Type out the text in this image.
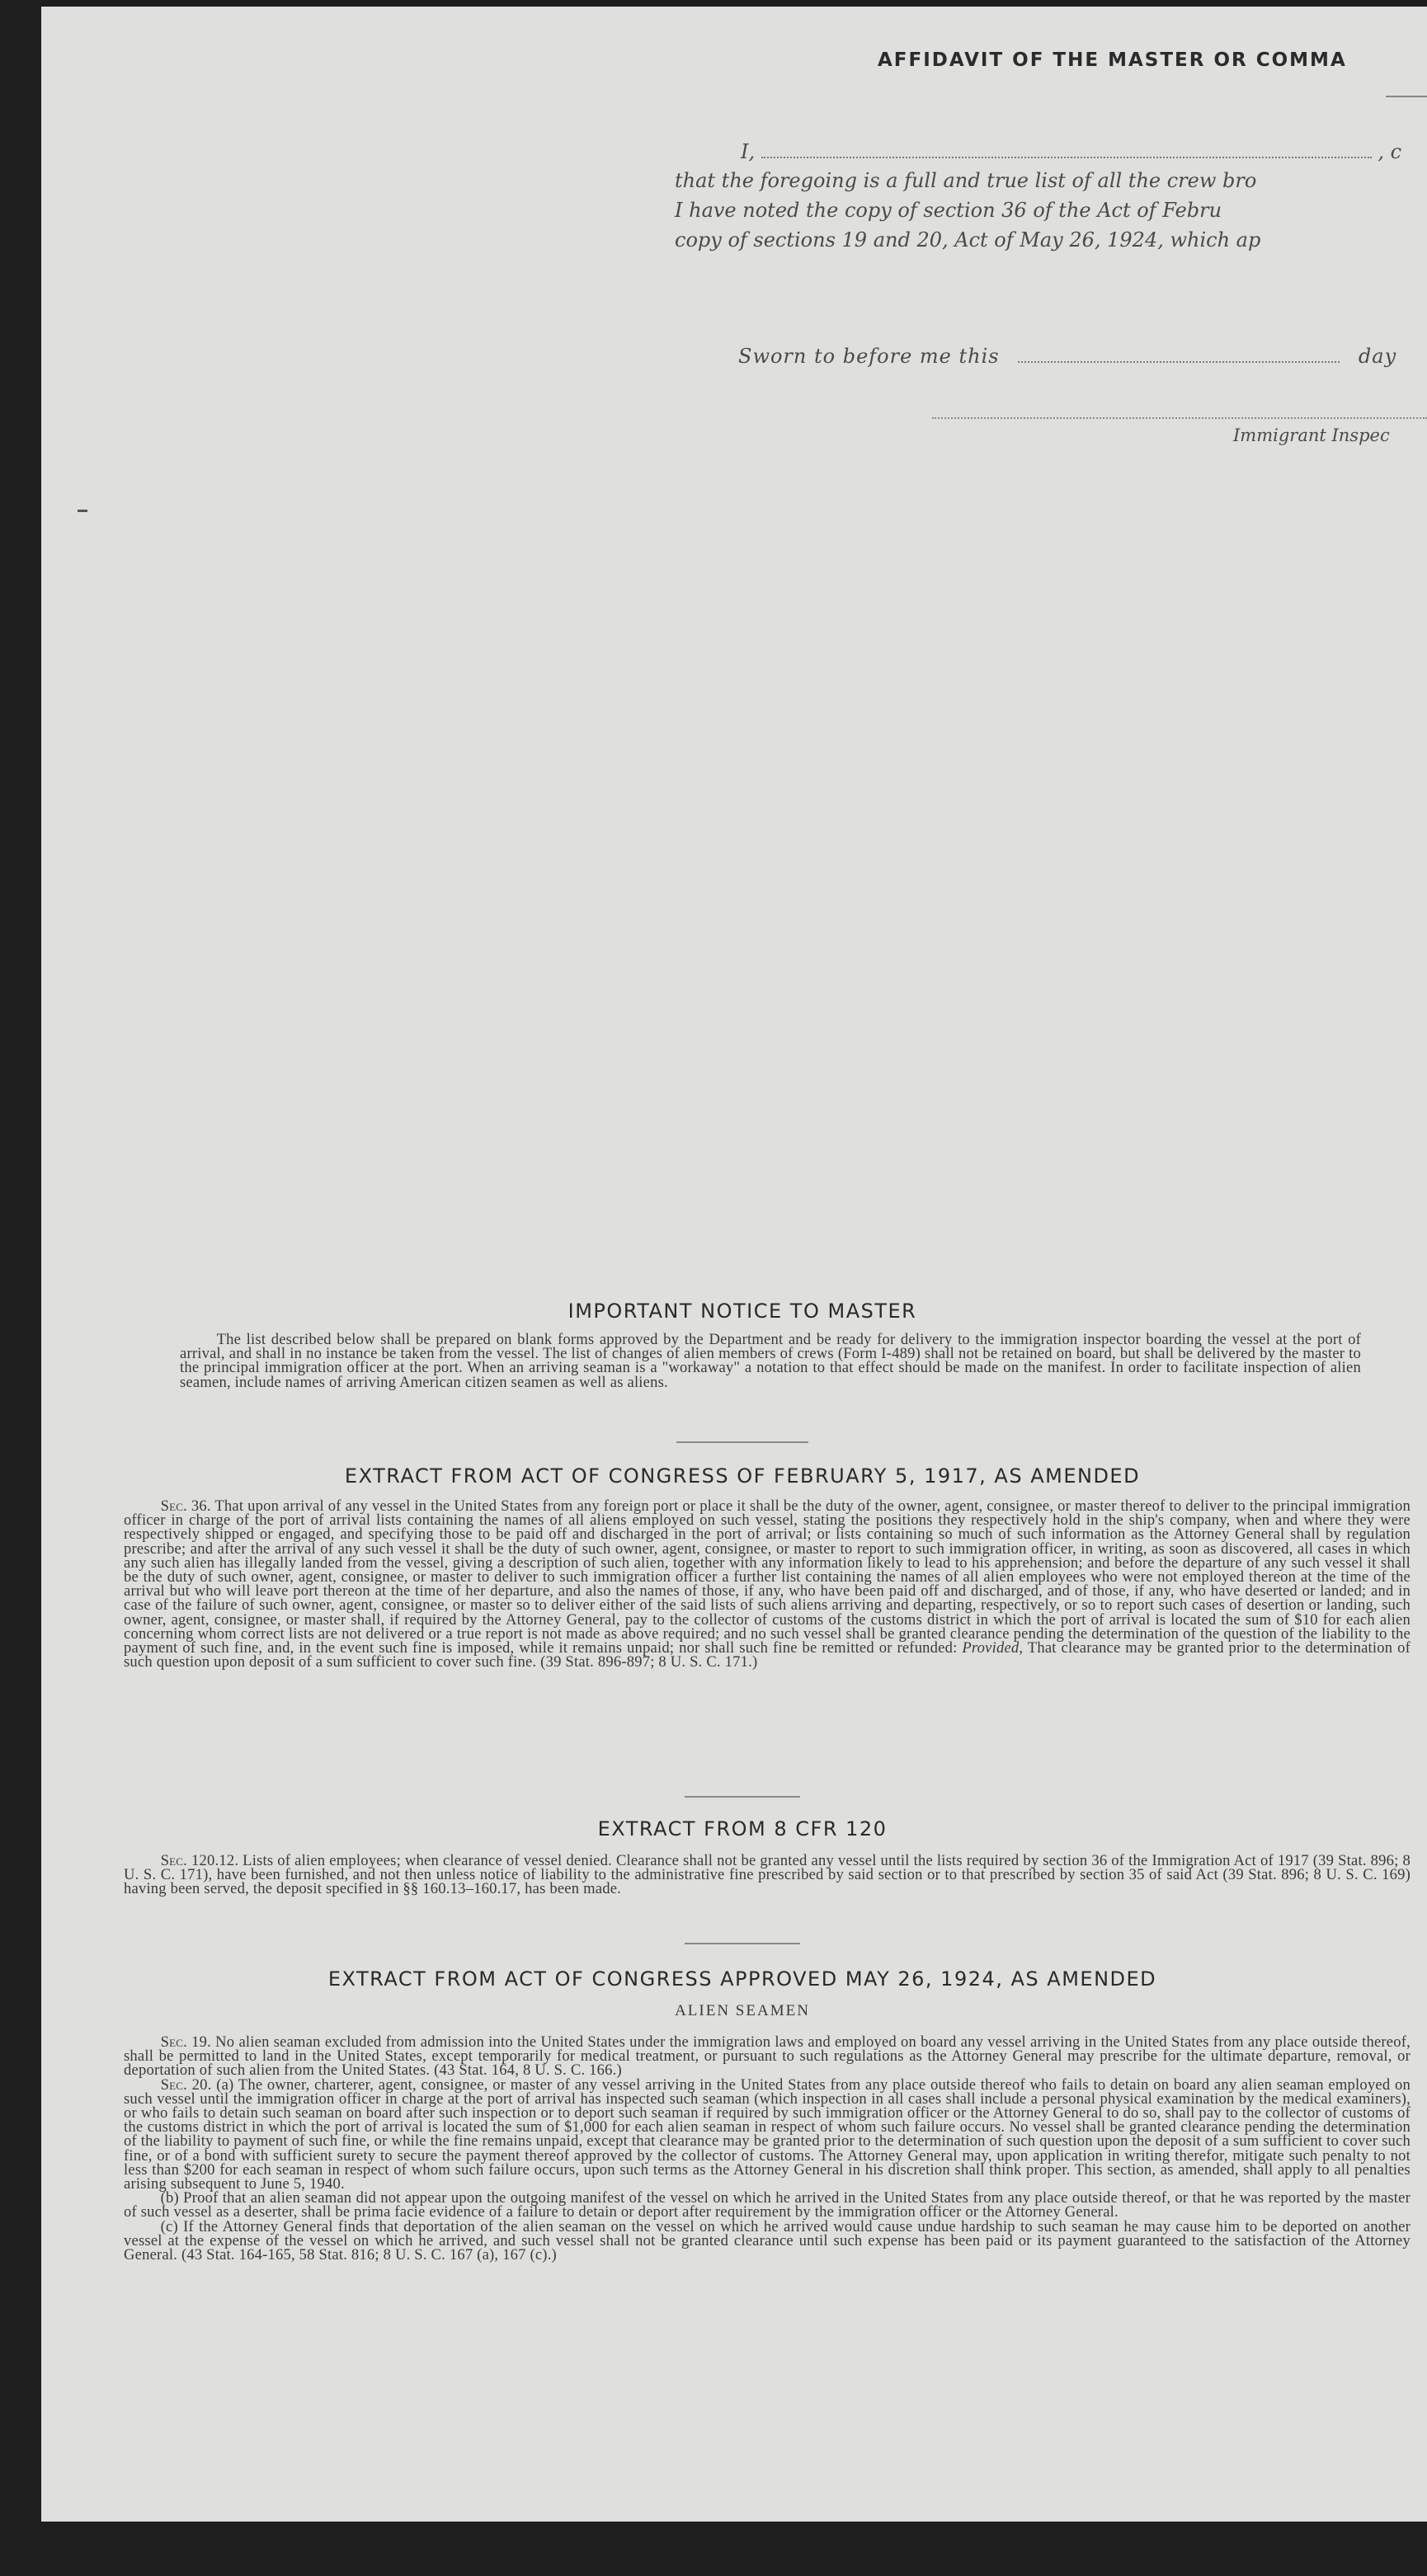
AFFIDAVIT OF THE MASTER OR COMMA
I,	, c
that the foregoing is a full and true list of all the crew bro
I have noted the copy of section 36 of the Act of Febru
copy of sections 19 and 20, Act of May 26, 1924, which ap
Sworn to before me this	day
Immigrant Inspec
IMPORTANT NOTICE TO MASTER

The list described below shall be prepared on blank forms approved by the Department and be ready for delivery to the immigration inspector boarding the vessel at the port of arrival, and shall in no instance be taken from the vessel. The list of changes of alien members of crews (Form I-489) shall not be retained on board, but shall be delivered by the master to the principal immigration officer at the port. When an arriving seaman is a "workaway" a notation to that effect should be made on the manifest. In order to facilitate inspection of alien seamen, include names of arriving American citizen seamen as well as aliens.

EXTRACT FROM ACT OF CONGRESS OF FEBRUARY 5, 1917, AS AMENDED

Sec. 36. That upon arrival of any vessel in the United States from any foreign port or place it shall be the duty of the owner, agent, consignee, or master thereof to deliver to the principal immigration officer in charge of the port of arrival lists containing the names of all aliens employed on such vessel, stating the positions they respectively hold in the ship's company, when and where they were respectively shipped or engaged, and specifying those to be paid off and discharged in the port of arrival; or lists containing so much of such information as the Attorney General shall by regulation prescribe; and after the arrival of any such vessel it shall be the duty of such owner, agent, consignee, or master to report to such immigration officer, in writing, as soon as discovered, all cases in which any such alien has illegally landed from the vessel, giving a description of such alien, together with any information likely to lead to his apprehension; and before the departure of any such vessel it shall be the duty of such owner, agent, consignee, or master to deliver to such immigration officer a further list containing the names of all alien employees who were not employed thereon at the time of the arrival but who will leave port thereon at the time of her departure, and also the names of those, if any, who have been paid off and discharged, and of those, if any, who have deserted or landed; and in case of the failure of such owner, agent, consignee, or master so to deliver either of the said lists of such aliens arriving and departing, respectively, or so to report such cases of desertion or landing, such owner, agent, consignee, or master shall, if required by the Attorney General, pay to the collector of customs of the customs district in which the port of arrival is located the sum of $10 for each alien concerning whom correct lists are not delivered or a true report is not made as above required; and no such vessel shall be granted clearance pending the determination of the question of the liability to the payment of such fine, and, in the event such fine is imposed, while it remains unpaid; nor shall such fine be remitted or refunded: Provided, That clearance may be granted prior to the determination of such question upon deposit of a sum sufficient to cover such fine. (39 Stat. 896-897; 8 U. S. C. 171.)

EXTRACT FROM 8 CFR 120

Sec. 120.12. Lists of alien employees; when clearance of vessel denied. Clearance shall not be granted any vessel until the lists required by section 36 of the Immigration Act of 1917 (39 Stat. 896; 8 U. S. C. 171), have been furnished, and not then unless notice of liability to the administrative fine prescribed by said section or to that prescribed by section 35 of said Act (39 Stat. 896; 8 U. S. C. 169) having been served, the deposit specified in §§ 160.13–160.17, has been made.

EXTRACT FROM ACT OF CONGRESS APPROVED MAY 26, 1924, AS AMENDED
ALIEN SEAMEN

Sec. 19. No alien seaman excluded from admission into the United States under the immigration laws and employed on board any vessel arriving in the United States from any place outside thereof, shall be permitted to land in the United States, except temporarily for medical treatment, or pursuant to such regulations as the Attorney General may prescribe for the ultimate departure, removal, or deportation of such alien from the United States. (43 Stat. 164, 8 U. S. C. 166.)

Sec. 20. (a) The owner, charterer, agent, consignee, or master of any vessel arriving in the United States from any place outside thereof who fails to detain on board any alien seaman employed on such vessel until the immigration officer in charge at the port of arrival has inspected such seaman (which inspection in all cases shall include a personal physical examination by the medical examiners), or who fails to detain such seaman on board after such inspection or to deport such seaman if required by such immigration officer or the Attorney General to do so, shall pay to the collector of customs of the customs district in which the port of arrival is located the sum of $1,000 for each alien seaman in respect of whom such failure occurs. No vessel shall be granted clearance pending the determination of the liability to payment of such fine, or while the fine remains unpaid, except that clearance may be granted prior to the determination of such question upon the deposit of a sum sufficient to cover such fine, or of a bond with sufficient surety to secure the payment thereof approved by the collector of customs. The Attorney General may, upon application in writing therefor, mitigate such penalty to not less than $200 for each seaman in respect of whom such failure occurs, upon such terms as the Attorney General in his discretion shall think proper. This section, as amended, shall apply to all penalties arising subsequent to June 5, 1940.

(b) Proof that an alien seaman did not appear upon the outgoing manifest of the vessel on which he arrived in the United States from any place outside thereof, or that he was reported by the master of such vessel as a deserter, shall be prima facie evidence of a failure to detain or deport after requirement by the immigration officer or the Attorney General.

(c) If the Attorney General finds that deportation of the alien seaman on the vessel on which he arrived would cause undue hardship to such seaman he may cause him to be deported on another vessel at the expense of the vessel on which he arrived, and such vessel shall not be granted clearance until such expense has been paid or its payment guaranteed to the satisfaction of the Attorney General. (43 Stat. 164-165, 58 Stat. 816; 8 U. S. C. 167 (a), 167 (c).)
